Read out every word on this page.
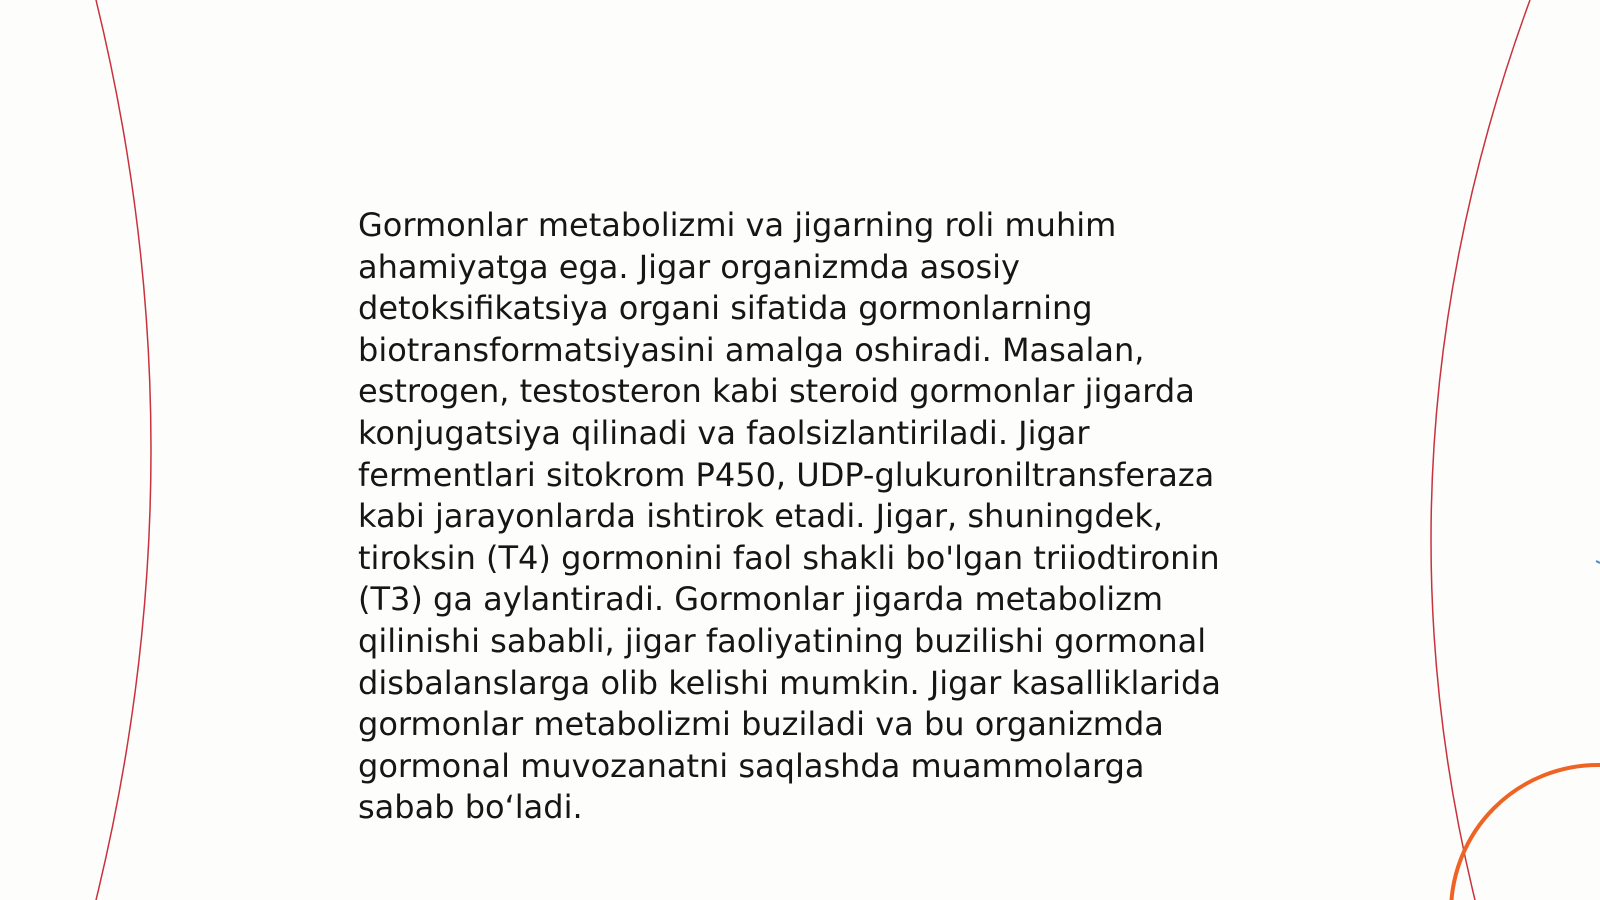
Gormonlar metabolizmi va jigarning roli muhim
ahamiyatga ega. Jigar organizmda asosiy
detoksifikatsiya organi sifatida gormonlarning
biotransformatsiyasini amalga oshiradi. Masalan,
estrogen, testosteron kabi steroid gormonlar jigarda
konjugatsiya qilinadi va faolsizlantiriladi. Jigar
fermentlari sitokrom P450, UDP-glukuroniltransferaza
kabi jarayonlarda ishtirok etadi. Jigar, shuningdek,
tiroksin (T4) gormonini faol shakli bo'lgan triiodtironin
(T3) ga aylantiradi. Gormonlar jigarda metabolizm
qilinishi sababli, jigar faoliyatining buzilishi gormonal
disbalanslarga olib kelishi mumkin. Jigar kasalliklarida
gormonlar metabolizmi buziladi va bu organizmda
gormonal muvozanatni saqlashda muammolarga
sabab bo‘ladi.
